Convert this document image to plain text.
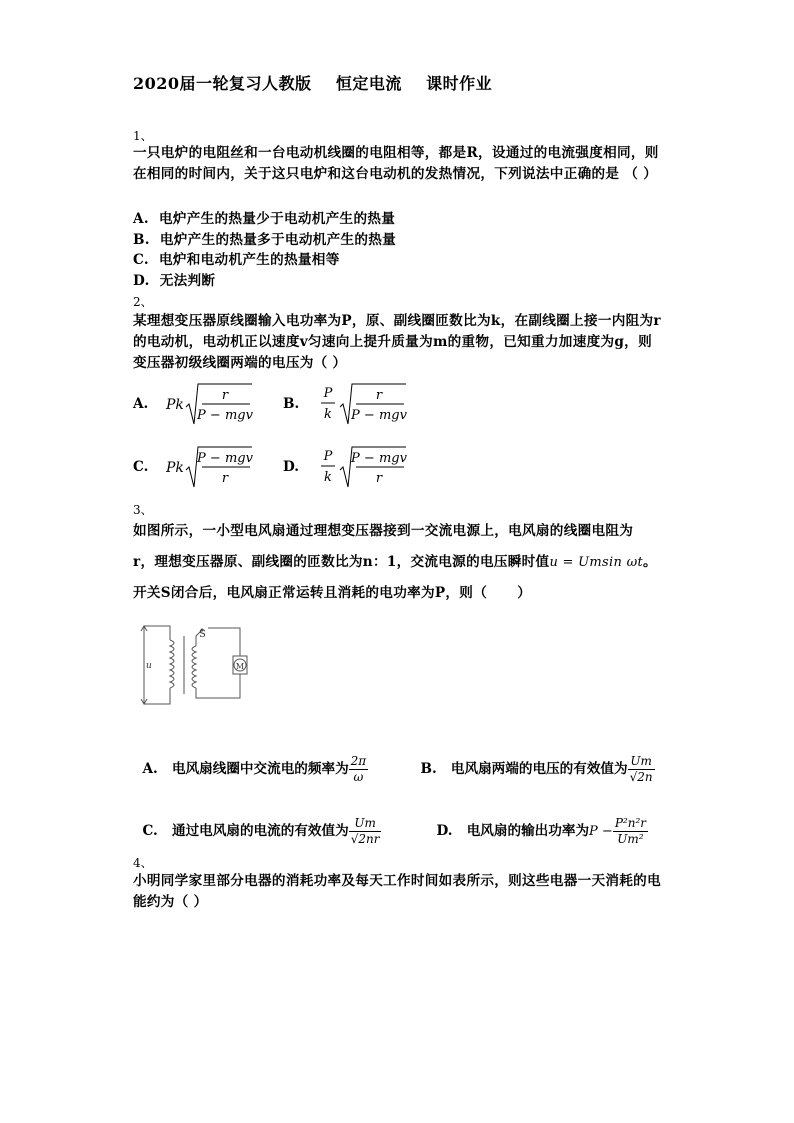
2020届一轮复习人教版    恒定电流    课时作业
1、
一只电炉的电阻丝和一台电动机线圈的电阻相等，都是R，设通过的电流强度相同，则在相同的时间内，关于这只电炉和这台电动机的发热情况，下列说法中正确的是 （ ）
A.  电炉产生的热量少于电动机产生的热量
B.  电炉产生的热量多于电动机产生的热量
C.  电炉和电动机产生的热量相等
D.  无法判断
2、
某理想变压器原线圈输入电功率为P，原、副线圈匝数比为k，在副线圈上接一内阻为r的电动机，电动机正以速度v匀速向上提升质量为m的重物，已知重力加速度为g，则变压器初级线圈两端的电压为（ ）
A. Pk
r
P − mgv
B.
P
k
r
P − mgv
C. Pk
P − mgv
r
D.
P
k
P − mgv
r
3、
如图所示，一小型电风扇通过理想变压器接到一交流电源上，电风扇的线圈电阻为
r，理想变压器原、副线圈的匝数比为n：1，交流电源的电压瞬时值u = Umsin ωt。
开关S闭合后，电风扇正常运转且消耗的电功率为P，则（      ）
u
S
M

A.   电风扇线圈中交流电的频率为 $\frac{2\pi}{\omega}$	B.   电风扇两端的电压的有效值为 $\frac{Um}{√2n}$

C.   通过电风扇的电流的有效值为 $\frac{Um}{√2nr}$	D.   电风扇的输出功率为$P - \frac{\text{P²n²r}}{\text{Um²}}$

4、
小明同学家里部分电器的消耗功率及每天工作时间如表所示，则这些电器一天消耗的电能约为（ ）
